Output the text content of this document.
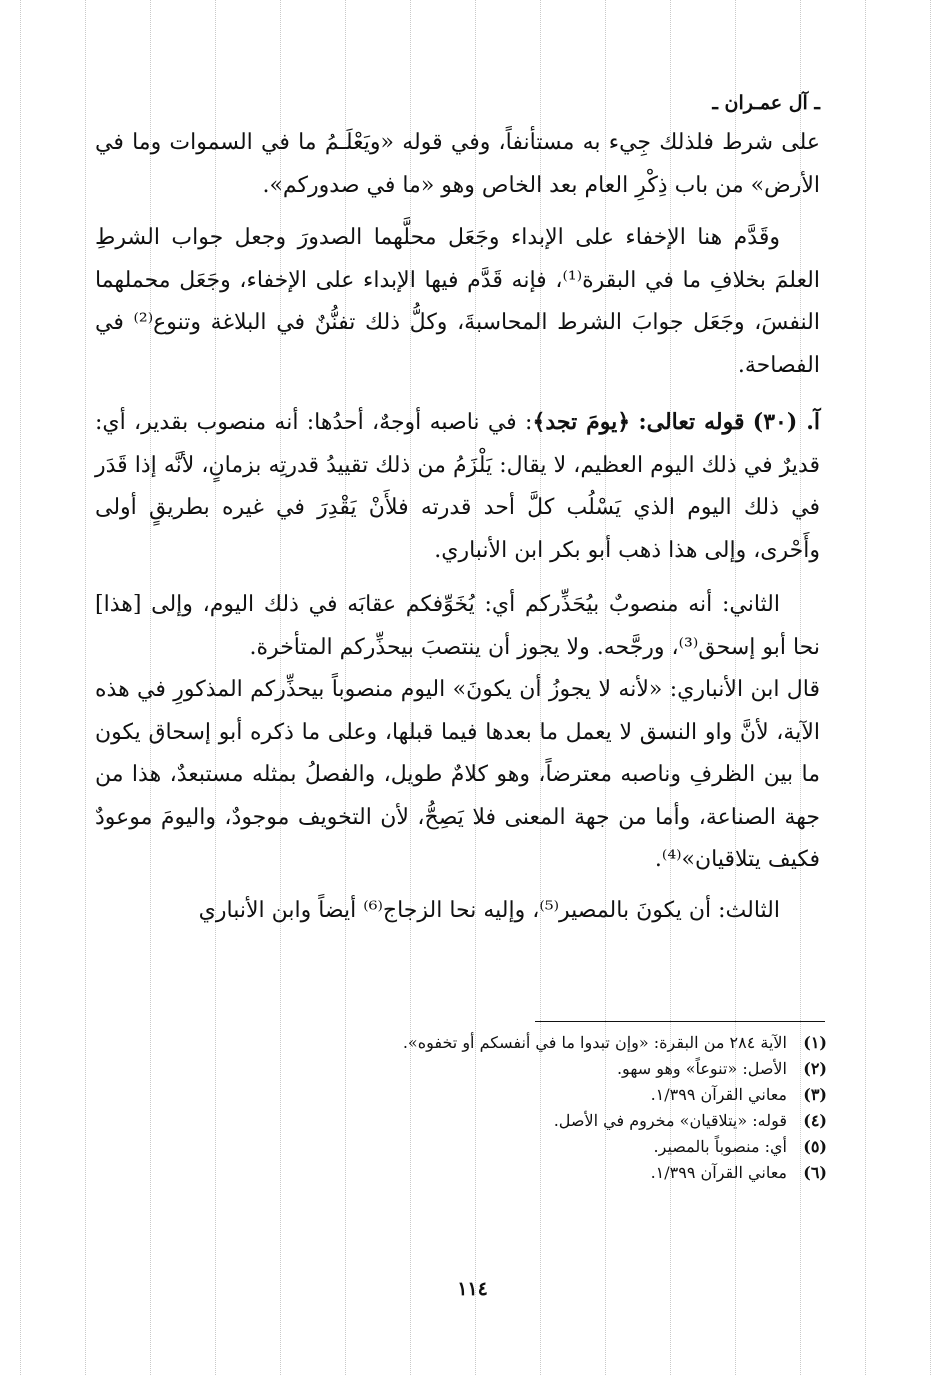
ـ آل عمـران ـ

على شرط فلذلك جِيء به مستأنفاً، وفي قوله «ويَعْلَـمُ ما في السموات وما في الأرض» من باب ذِكْرِ العام بعد الخاص وهو «ما في صدوركم».

وقَدَّم هنا الإخفاء على الإبداء وجَعَل محلَّهما الصدورَ وجعل جواب الشرطِ العلمَ بخلافِ ما في البقرة⁽¹⁾، فإنه قَدَّم فيها الإبداء على الإخفاء، وجَعَل محملهما النفسَ، وجَعَل جوابَ الشرط المحاسبةَ، وكلُّ ذلك تفنُّنٌ في البلاغة وتنوع⁽²⁾ في الفصاحة.

آ. (٣٠) قوله تعالى: ﴿يومَ تجد﴾: في ناصبه أوجهٌ، أحدُها: أنه منصوب بقدير، أي: قديرٌ في ذلك اليوم العظيم، لا يقال: يَلْزَمُ من ذلك تقييدُ قدرتِه بزمانٍ، لأنَّه إذا قَدَر في ذلك اليوم الذي يَسْلُب كلَّ أحد قدرته فلأَنْ يَقْدِرَ في غيره بطريقٍ أولى وأَحْرى، وإلى هذا ذهب أبو بكر ابن الأنباري.

الثاني: أنه منصوبٌ بيُحَذِّركم أي: يُخَوِّفكم عقابَه في ذلك اليوم، وإلى [هذا] نحا أبو إسحق⁽³⁾، ورجَّحه. ولا يجوز أن ينتصبَ بيحذِّركم المتأخرة.

قال ابن الأنباري: «لأنه لا يجوزُ أن يكونَ» اليوم منصوباً بيحذِّركم المذكورِ في هذه الآية، لأنَّ واو النسق لا يعمل ما بعدها فيما قبلها، وعلى ما ذكره أبو إسحاق يكون ما بين الظرفِ وناصبه معترضاً، وهو كلامٌ طويل، والفصلُ بمثله مستبعدٌ، هذا من جهة الصناعة، وأما من جهة المعنى فلا يَصِحُّ، لأن التخويف موجودٌ، واليومَ موعودٌ فكيف يتلاقيان»⁽⁴⁾.

الثالث: أن يكونَ بالمصير⁽⁵⁾، وإليه نحا الزجاج⁽⁶⁾ أيضاً وابن الأنباري

(١)الآية ٢٨٤ من البقرة: «وإن تبدوا ما في أنفسكم أو تخفوه».
(٢)الأصل: «تنوعاً» وهو سهو.
(٣)معاني القرآن ١/٣٩٩.
(٤)قوله: «يتلاقيان» مخروم في الأصل.
(٥)أي: منصوباً بالمصير.
(٦)معاني القرآن ١/٣٩٩.
١١٤
